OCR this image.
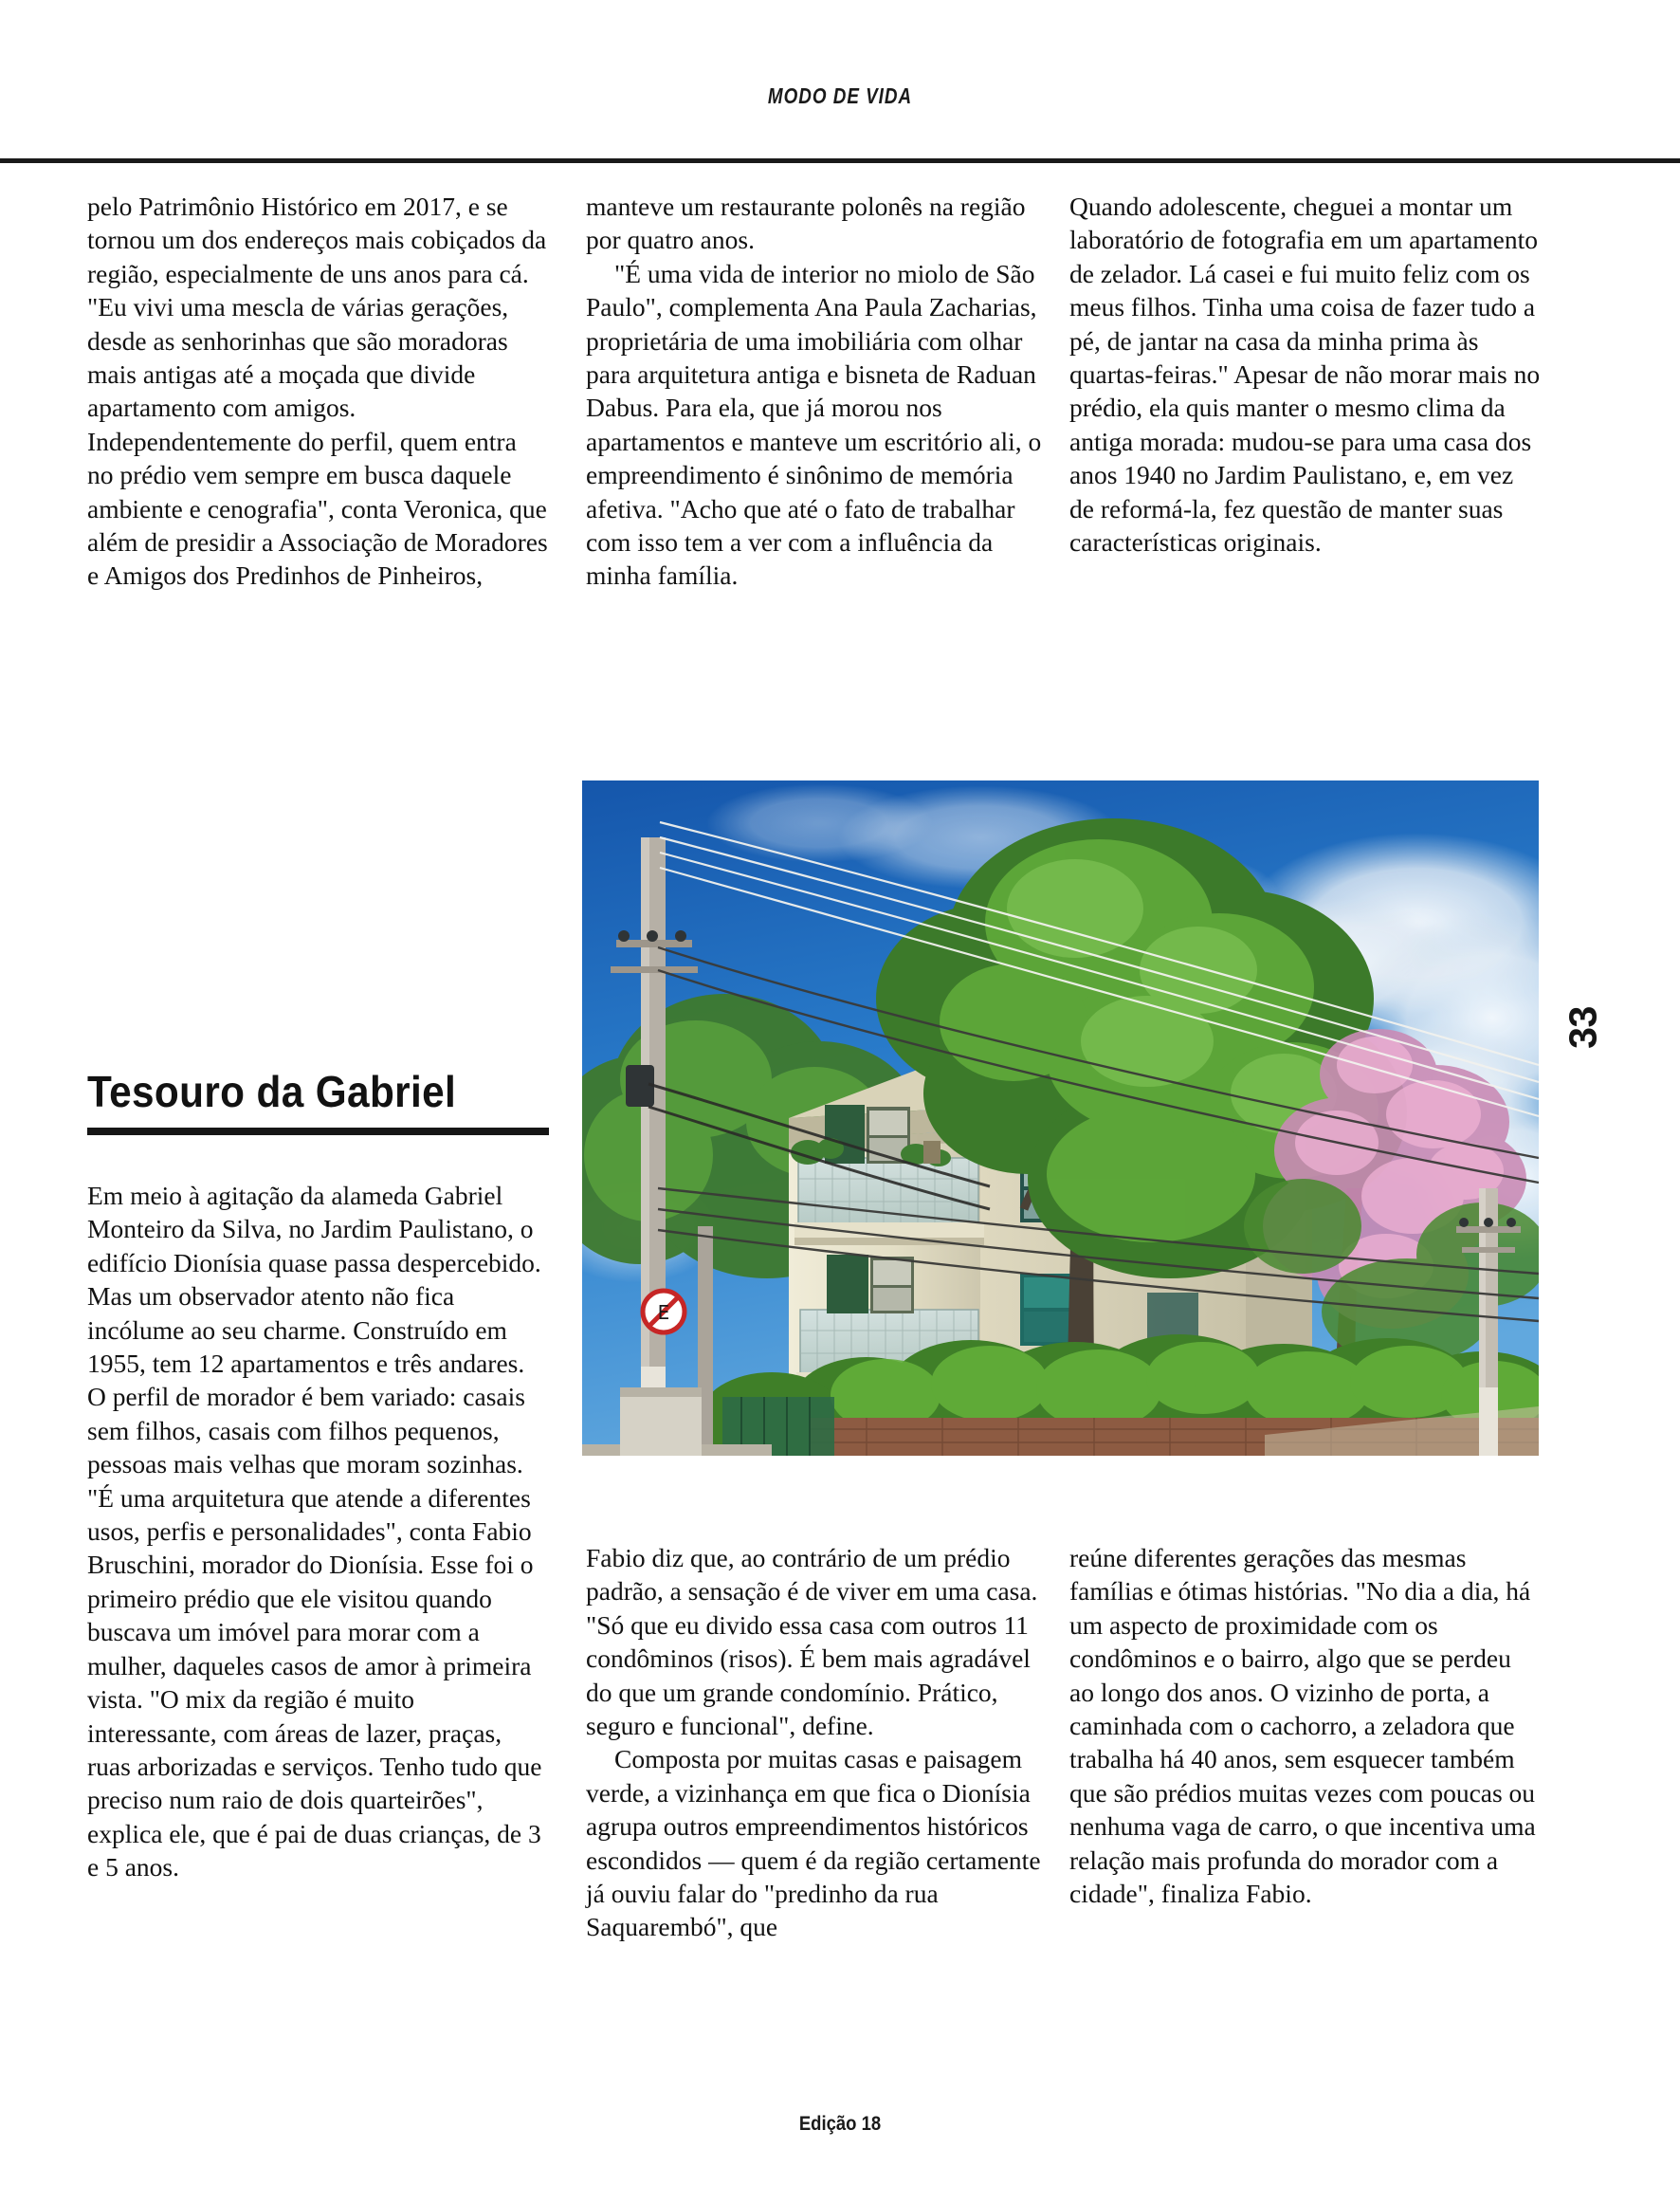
MODO DE VIDA

pelo Patrimônio Histórico em 2017, e se tornou um dos endereços mais cobiçados da região, especialmente de uns anos para cá. "Eu vivi uma mescla de várias gerações, desde as senhorinhas que são moradoras mais antigas até a moçada que divide apartamento com amigos. Independentemente do perfil, quem entra no prédio vem sempre em busca daquele ambiente e cenografia", conta Veronica, que além de presidir a Associação de Moradores e Amigos dos Predinhos de Pinheiros,

manteve um restaurante polonês na região por quatro anos.

"É uma vida de interior no miolo de São Paulo", complementa Ana Paula Zacharias, proprietária de uma imobiliária com olhar para arquitetura antiga e bisneta de Raduan Dabus. Para ela, que já morou nos apartamentos e manteve um escritório ali, o empreendimento é sinônimo de memória afetiva. "Acho que até o fato de trabalhar com isso tem a ver com a influência da minha família.

Quando adolescente, cheguei a montar um laboratório de fotografia em um apartamento de zelador. Lá casei e fui muito feliz com os meus filhos. Tinha uma coisa de fazer tudo a pé, de jantar na casa da minha prima às quartas-feiras." Apesar de não morar mais no prédio, ela quis manter o mesmo clima da antiga morada: mudou-se para uma casa dos anos 1940 no Jardim Paulistano, e, em vez de reformá-la, fez questão de manter suas características originais.

E
33
Tesouro da Gabriel

Em meio à agitação da alameda Gabriel Monteiro da Silva, no Jardim Paulistano, o edifício Dionísia quase passa despercebido. Mas um observador atento não fica incólume ao seu charme. Construído em 1955, tem 12 apartamentos e três andares. O perfil de morador é bem variado: casais sem filhos, casais com filhos pequenos, pessoas mais velhas que moram sozinhas. "É uma arquitetura que atende a diferentes usos, perfis e personalidades", conta Fabio Bruschini, morador do Dionísia. Esse foi o primeiro prédio que ele visitou quando buscava um imóvel para morar com a mulher, daqueles casos de amor à primeira vista. "O mix da região é muito interessante, com áreas de lazer, praças, ruas arborizadas e serviços. Tenho tudo que preciso num raio de dois quarteirões", explica ele, que é pai de duas crianças, de 3 e 5 anos.

Fabio diz que, ao contrário de um prédio padrão, a sensação é de viver em uma casa. "Só que eu divido essa casa com outros 11 condôminos (risos). É bem mais agradável do que um grande condomínio. Prático, seguro e funcional", define.

Composta por muitas casas e paisagem verde, a vizinhança em que fica o Dionísia agrupa outros empreendimentos históricos escondidos — quem é da região certamente já ouviu falar do "predinho da rua Saquarembó", que

reúne diferentes gerações das mesmas famílias e ótimas histórias. "No dia a dia, há um aspecto de proximidade com os condôminos e o bairro, algo que se perdeu ao longo dos anos. O vizinho de porta, a caminhada com o cachorro, a zeladora que trabalha há 40 anos, sem esquecer também que são prédios muitas vezes com poucas ou nenhuma vaga de carro, o que incentiva uma relação mais profunda do morador com a cidade", finaliza Fabio.

Edição 18
